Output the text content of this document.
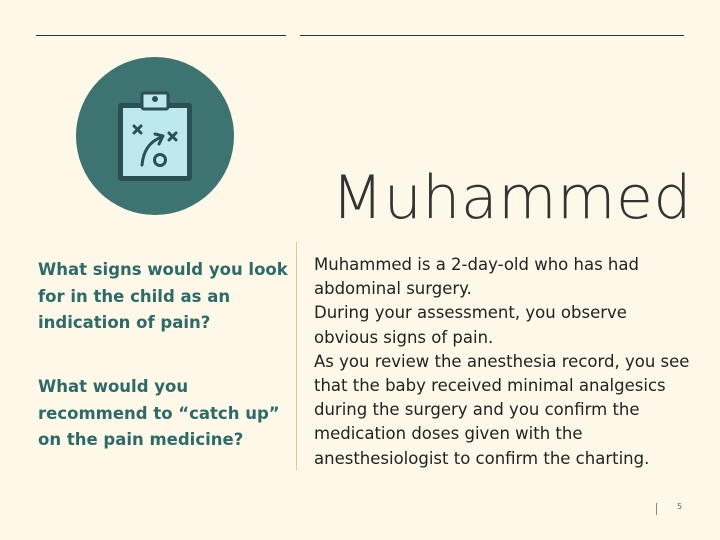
Muhammed

What signs would you look for in the child as an indication of pain?

What would you recommend to “catch up” on the pain medicine?

Muhammed is a 2-day-old who has had abdominal surgery.

During your assessment, you observe obvious signs of pain.

As you review the anesthesia record, you see that the baby received minimal analgesics during the surgery and you confirm the medication doses given with the anesthesiologist to confirm the charting.

5
